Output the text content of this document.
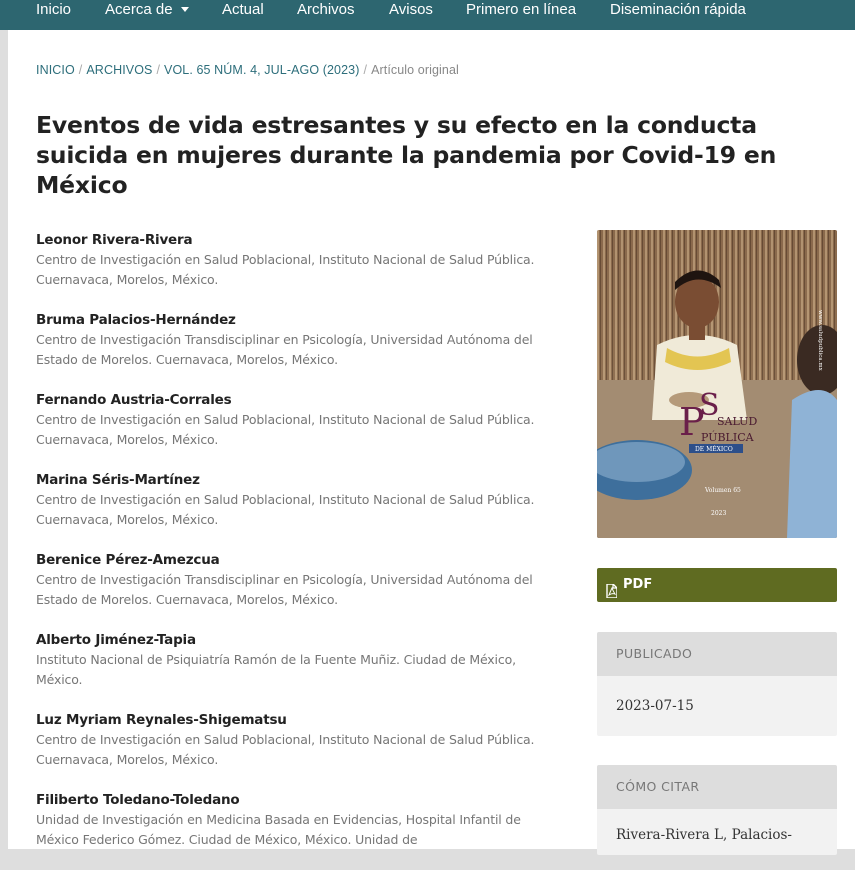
Inicio Acerca de	Actual Archivos Avisos Primero en línea Diseminación rápida
INICIO / ARCHIVOS / VOL. 65 NÚM. 4, JUL-AGO (2023) / Artículo original
Eventos de vida estresantes y su efecto en la conducta suicida en mujeres durante la pandemia por Covid-19 en México
Leonor Rivera-Rivera
Centro de Investigación en Salud Poblacional, Instituto Nacional de Salud Pública. Cuernavaca, Morelos, México.
Bruma Palacios-Hernández
Centro de Investigación Transdisciplinar en Psicología, Universidad Autónoma del Estado de Morelos. Cuernavaca, Morelos, México.
Fernando Austria-Corrales
Centro de Investigación en Salud Poblacional, Instituto Nacional de Salud Pública. Cuernavaca, Morelos, México.
Marina Séris-Martínez
Centro de Investigación en Salud Poblacional, Instituto Nacional de Salud Pública. Cuernavaca, Morelos, México.
Berenice Pérez-Amezcua
Centro de Investigación Transdisciplinar en Psicología, Universidad Autónoma del Estado de Morelos. Cuernavaca, Morelos, México.
Alberto Jiménez-Tapia
Instituto Nacional de Psiquiatría Ramón de la Fuente Muñiz. Ciudad de México, México.
Luz Myriam Reynales-Shigematsu
Centro de Investigación en Salud Poblacional, Instituto Nacional de Salud Pública. Cuernavaca, Morelos, México.
Filiberto Toledano-Toledano
Unidad de Investigación en Medicina Basada en Evidencias, Hospital Infantil de México Federico Gómez. Ciudad de México, México. Unidad de
P
S
SALUD
PÚBLICA
DE MÉXICO
Volumen 65
2023
www.saludpublica.mx
PDF
PUBLICADO
2023-07-15
CÓMO CITAR
Rivera-Rivera L, Palacios-
